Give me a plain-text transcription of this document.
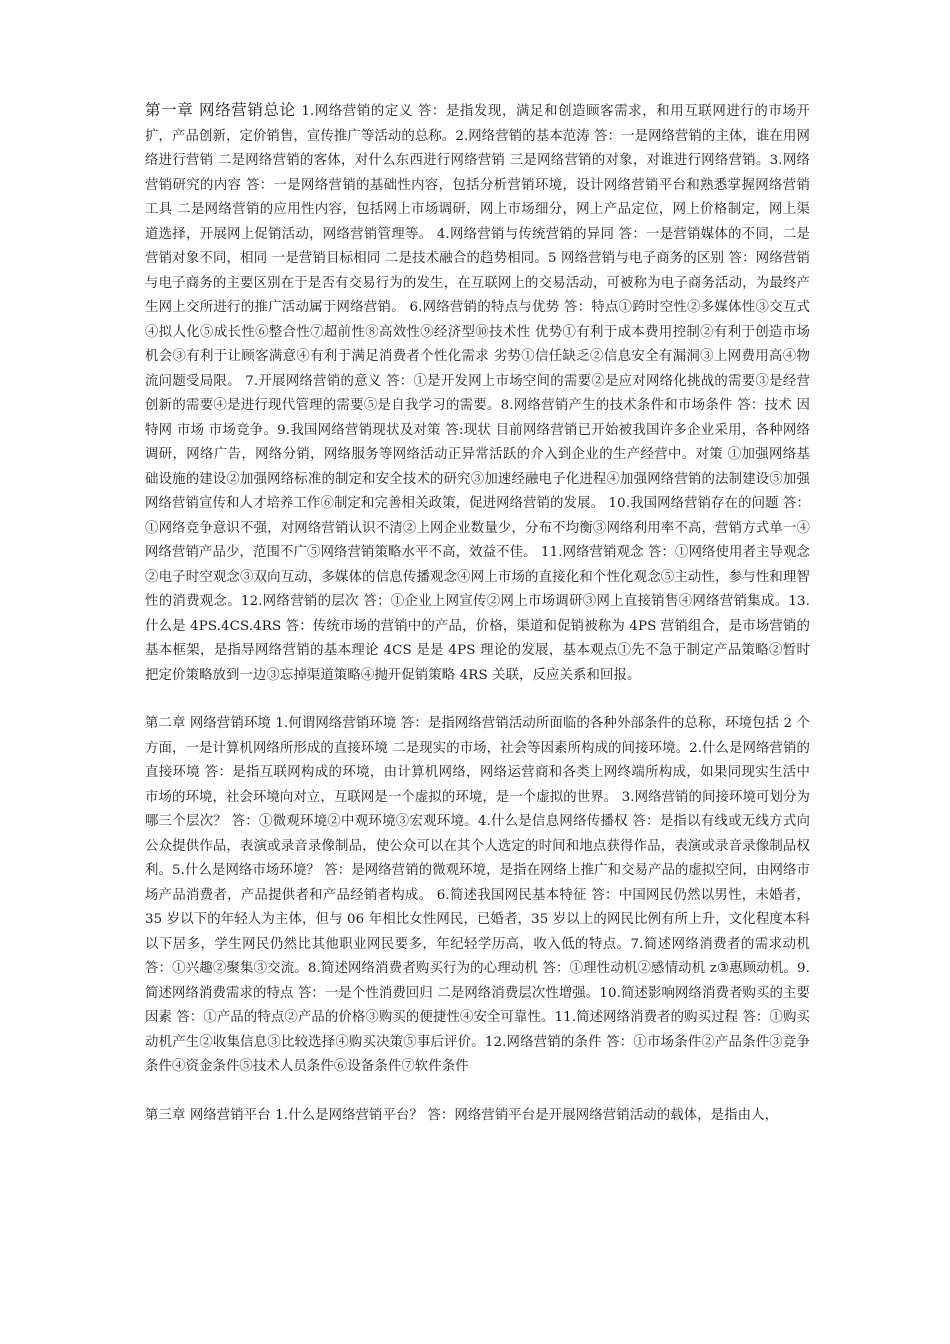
第一章 网络营销总论 1.网络营销的定义 答：是指发现，满足和创造顾客需求，和用互联网进行的市场开扩，产品创新，定价销售，宣传推广等活动的总称。2.网络营销的基本范涛 答：一是网络营销的主体，谁在用网络进行营销 二是网络营销的客体，对什么东西进行网络营销 三是网络营销的对象，对谁进行网络营销。3.网络营销研究的内容 答：一是网络营销的基础性内容，包括分析营销环境，设计网络营销平台和熟悉掌握网络营销工具 二是网络营销的应用性内容，包括网上市场调研，网上市场细分，网上产品定位，网上价格制定，网上渠道选择，开展网上促销活动，网络营销管理等。 4.网络营销与传统营销的异同 答：一是营销媒体的不同，二是营销对象不同，相同 一是营销目标相同 二是技术融合的趋势相同。5 网络营销与电子商务的区别 答：网络营销与电子商务的主要区别在于是否有交易行为的发生，在互联网上的交易活动，可被称为电子商务活动，为最终产生网上交所进行的推广活动属于网络营销。 6.网络营销的特点与优势 答：特点①跨时空性②多媒体性③交互式④拟人化⑤成长性⑥整合性⑦超前性⑧高效性⑨经济型⑩技术性 优势①有利于成本费用控制②有利于创造市场机会③有利于让顾客满意④有利于满足消费者个性化需求 劣势①信任缺乏②信息安全有漏洞③上网费用高④物流问题受局限。 7.开展网络营销的意义 答：①是开发网上市场空间的需要②是应对网络化挑战的需要③是经营创新的需要④是进行现代管理的需要⑤是自我学习的需要。8.网络营销产生的技术条件和市场条件 答：技术 因特网 市场 市场竞争。9.我国网络营销现状及对策 答:现状 目前网络营销已开始被我国许多企业采用，各种网络调研，网络广告，网络分销，网络服务等网络活动正异常活跃的介入到企业的生产经营中。对策 ①加强网络基础设施的建设②加强网络标准的制定和安全技术的研究③加速经融电子化进程④加强网络营销的法制建设⑤加强网络营销宣传和人才培养工作⑥制定和完善相关政策，促进网络营销的发展。 10.我国网络营销存在的问题 答：①网络竞争意识不强，对网络营销认识不清②上网企业数量少，分布不均衡③网络利用率不高，营销方式单一④网络营销产品少，范围不广⑤网络营销策略水平不高，效益不佳。 11.网络营销观念 答：①网络使用者主导观念②电子时空观念③双向互动，多媒体的信息传播观念④网上市场的直接化和个性化观念⑤主动性，参与性和理智性的消费观念。12.网络营销的层次 答：①企业上网宣传②网上市场调研③网上直接销售④网络营销集成。13.什么是 4PS.4CS.4RS 答：传统市场的营销中的产品，价格，渠道和促销被称为 4PS 营销组合，是市场营销的基本框架，是指导网络营销的基本理论 4CS 是是 4PS 理论的发展，基本观点①先不急于制定产品策略②暂时把定价策略放到一边③忘掉渠道策略④抛开促销策略 4RS 关联，反应关系和回报。
第二章 网络营销环境 1.何谓网络营销环境 答：是指网络营销活动所面临的各种外部条件的总称，环境包括 2 个方面，一是计算机网络所形成的直接环境 二是现实的市场，社会等因素所构成的间接环境。2.什么是网络营销的直接环境 答：是指互联网构成的环境，由计算机网络，网络运营商和各类上网终端所构成，如果同现实生活中市场的环境，社会环境向对立，互联网是一个虚拟的环境，是一个虚拟的世界。 3.网络营销的间接环境可划分为哪三个层次？ 答：①微观环境②中观环境③宏观环境。4.什么是信息网络传播权 答：是指以有线或无线方式向公众提供作品，表演或录音录像制品，使公众可以在其个人选定的时间和地点获得作品，表演或录音录像制品权利。5.什么是网络市场环境？ 答：是网络营销的微观环境，是指在网络上推广和交易产品的虚拟空间，由网络市场产品消费者，产品提供者和产品经销者构成。 6.简述我国网民基本特征 答：中国网民仍然以男性，未婚者，35 岁以下的年轻人为主体，但与 06 年相比女性网民，已婚者，35 岁以上的网民比例有所上升，文化程度本科以下居多，学生网民仍然比其他职业网民要多，年纪轻学历高，收入低的特点。7.简述网络消费者的需求动机 答：①兴趣②聚集③交流。8.简述网络消费者购买行为的心理动机 答：①理性动机②感情动机 z③惠顾动机。9.简述网络消费需求的特点 答：一是个性消费回归 二是网络消费层次性增强。10.简述影响网络消费者购买的主要因素 答：①产品的特点②产品的价格③购买的便捷性④安全可靠性。11.简述网络消费者的购买过程 答：①购买动机产生②收集信息③比较选择④购买决策⑤事后评价。12.网络营销的条件 答：①市场条件②产品条件③竞争条件④资金条件⑤技术人员条件⑥设备条件⑦软件条件
第三章 网络营销平台 1.什么是网络营销平台？ 答：网络营销平台是开展网络营销活动的载体，是指由人，
